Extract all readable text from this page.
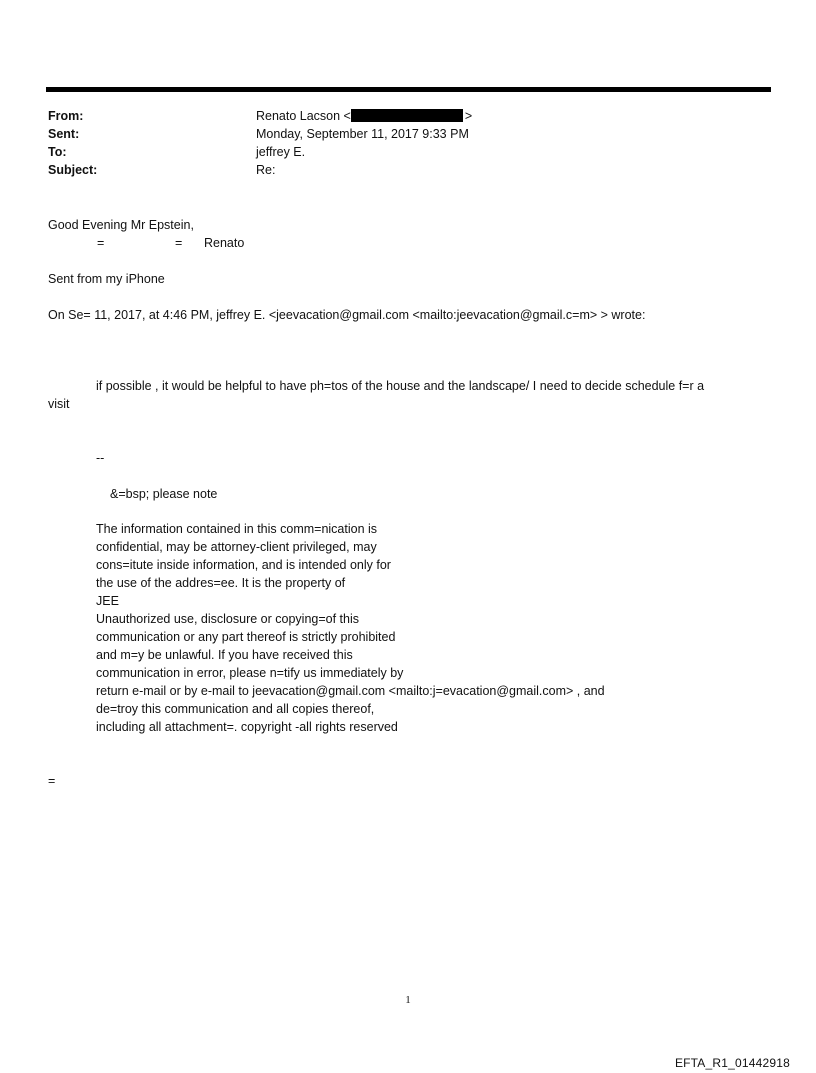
From:	Renato Lacson <	>
Sent:	Monday, September 11, 2017 9:33 PM
To:	jeffrey E.
Subject:	Re:
Good Evening Mr Epstein,
=	= Renato
Sent from my iPhone
On Se= 11, 2017, at 4:46 PM, jeffrey E. <jeevacation@gmail.com <mailto:jeevacation@gmail.c=m> > wrote:
if possible , it would be helpful to have ph=tos of the house and the landscape/ I need to decide schedule f=r a
visit
--
&=bsp; please note
The information contained in this comm=nication is
confidential, may be attorney-client privileged, may
cons=itute inside information, and is intended only for
the use of the addres=ee. It is the property of
JEE
Unauthorized use, disclosure or copying=of this
communication or any part thereof is strictly prohibited
and m=y be unlawful. If you have received this
communication in error, please n=tify us immediately by
return e-mail or by e-mail to jeevacation@gmail.com <mailto:j=evacation@gmail.com> , and
de=troy this communication and all copies thereof,
including all attachment=. copyright -all rights reserved
=
1
EFTA_R1_01442918
